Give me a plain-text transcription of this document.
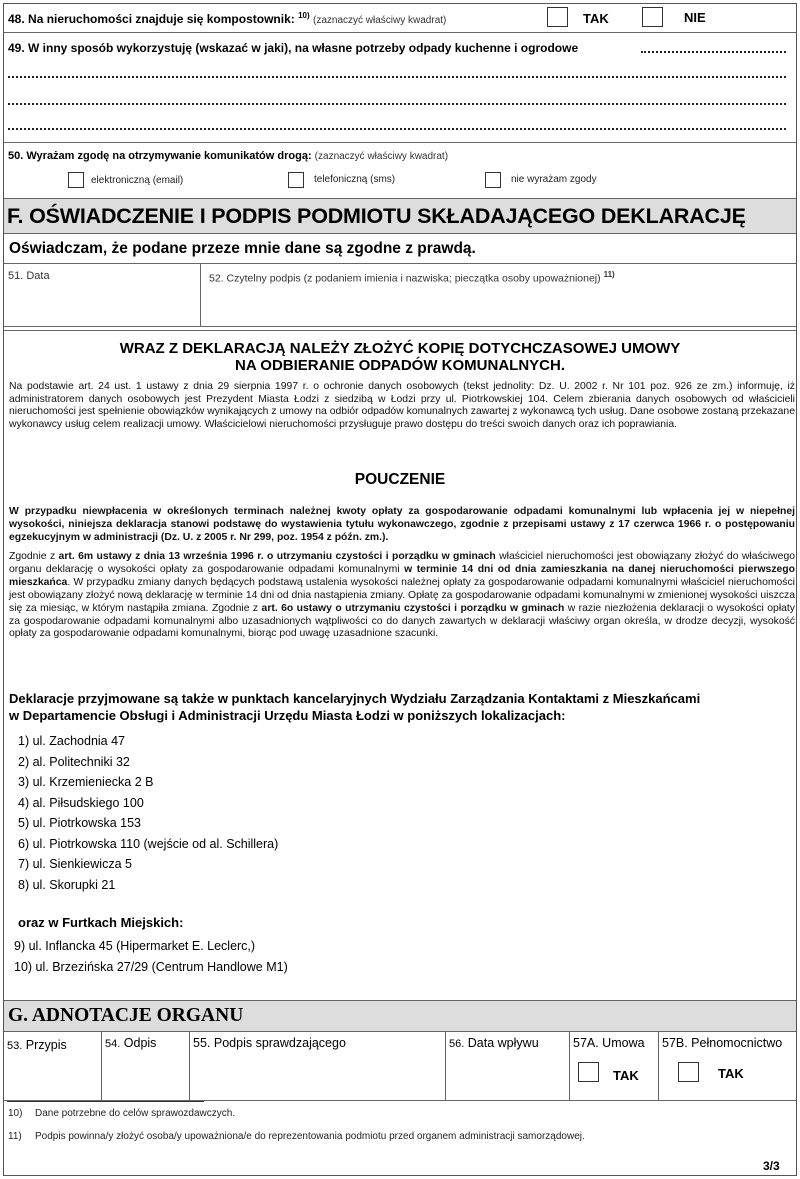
48. Na nieruchomości znajduje się kompostownik: $^{10)}$ (zaznaczyć właściwy kwadrat)	TAK	NIE
49. W inny sposób wykorzystuję (wskazać w jaki), na własne potrzeby odpady kuchenne i ogrodowe
50. Wyrażam zgodę na otrzymywanie komunikatów drogą: (zaznaczyć właściwy kwadrat)
elektroniczną (email)	telefoniczną (sms)	nie wyrażam zgody
F. OŚWIADCZENIE I PODPIS PODMIOTU SKŁADAJĄCEGO DEKLARACJĘ
Oświadczam, że podane przeze mnie dane są zgodne z prawdą.
51. Data	52. Czytelny podpis (z podaniem imienia i nazwiska; pieczątka osoby upoważnionej) $^{11)}$
WRAZ Z DEKLARACJĄ NALEŻY ZŁOŻYĆ KOPIĘ DOTYCHCZASOWEJ UMOWY
NA ODBIERANIE ODPADÓW KOMUNALNYCH.
Na podstawie art. 24 ust. 1 ustawy z dnia 29 sierpnia 1997 r. o ochronie danych osobowych (tekst jednolity: Dz. U. 2002 r. Nr 101 poz. 926 ze zm.) informuję, iż administratorem danych osobowych jest Prezydent Miasta Łodzi z siedzibą w Łodzi przy ul. Piotrkowskiej 104. Celem zbierania danych osobowych od właścicieli nieruchomości jest spełnienie obowiązków wynikających z umowy na odbiór odpadów komunalnych zawartej z wykonawcą tych usług. Dane osobowe zostaną przekazane wykonawcy usług celem realizacji umowy. Właścicielowi nieruchomości przysługuje prawo dostępu do treści swoich danych oraz ich poprawiania.
POUCZENIE
W przypadku niewpłacenia w określonych terminach należnej kwoty opłaty za gospodarowanie odpadami komunalnymi lub wpłacenia jej w niepełnej wysokości, niniejsza deklaracja stanowi podstawę do wystawienia tytułu wykonawczego, zgodnie z przepisami ustawy z 17 czerwca 1966 r. o postępowaniu egzekucyjnym w administracji (Dz. U. z 2005 r. Nr 299, poz. 1954 z późn. zm.).
Zgodnie z art. 6m ustawy z dnia 13 września 1996 r. o utrzymaniu czystości i porządku w gminach właściciel nieruchomości jest obowiązany złożyć do właściwego organu deklarację o wysokości opłaty za gospodarowanie odpadami komunalnymi w terminie 14 dni od dnia zamieszkania na danej nieruchomości pierwszego mieszkańca. W przypadku zmiany danych będących podstawą ustalenia wysokości należnej opłaty za gospodarowanie odpadami komunalnymi właściciel nieruchomości jest obowiązany złożyć nową deklarację w terminie 14 dni od dnia nastąpienia zmiany. Opłatę za gospodarowanie odpadami komunalnymi w zmienionej wysokości uiszcza się za miesiąc, w którym nastąpiła zmiana. Zgodnie z art. 6o ustawy o utrzymaniu czystości i porządku w gminach w razie niezłożenia deklaracji o wysokości opłaty za gospodarowanie odpadami komunalnymi albo uzasadnionych wątpliwości co do danych zawartych w deklaracji właściwy organ określa, w drodze decyzji, wysokość opłaty za gospodarowanie odpadami komunalnymi, biorąc pod uwagę uzasadnione szacunki.
Deklaracje przyjmowane są także w punktach kancelaryjnych Wydziału Zarządzania Kontaktami z Mieszkańcami
w Departamencie Obsługi i Administracji Urzędu Miasta Łodzi w poniższych lokalizacjach:
1) ul. Zachodnia 47
2) al. Politechniki 32
3) ul. Krzemieniecka 2 B
4) al. Piłsudskiego 100
5) ul. Piotrkowska 153
6) ul. Piotrkowska 110 (wejście od al. Schillera)
7) ul. Sienkiewicza 5
8) ul. Skorupki 21
oraz w Furtkach Miejskich:
9) ul. Inflancka 45 (Hipermarket E. Leclerc,)
10) ul. Brzezińska 27/29 (Centrum Handlowe M1)
G. ADNOTACJE ORGANU
53. Przypis	54. Odpis	55. Podpis sprawdzającego	56. Data wpływu	57A. Umowa 57B. Pełnomocnictwo
TAK	TAK
10) Dane potrzebne do celów sprawozdawczych.
11) Podpis powinna/y złożyć osoba/y upoważniona/e do reprezentowania podmiotu przed organem administracji samorządowej.
3/3
